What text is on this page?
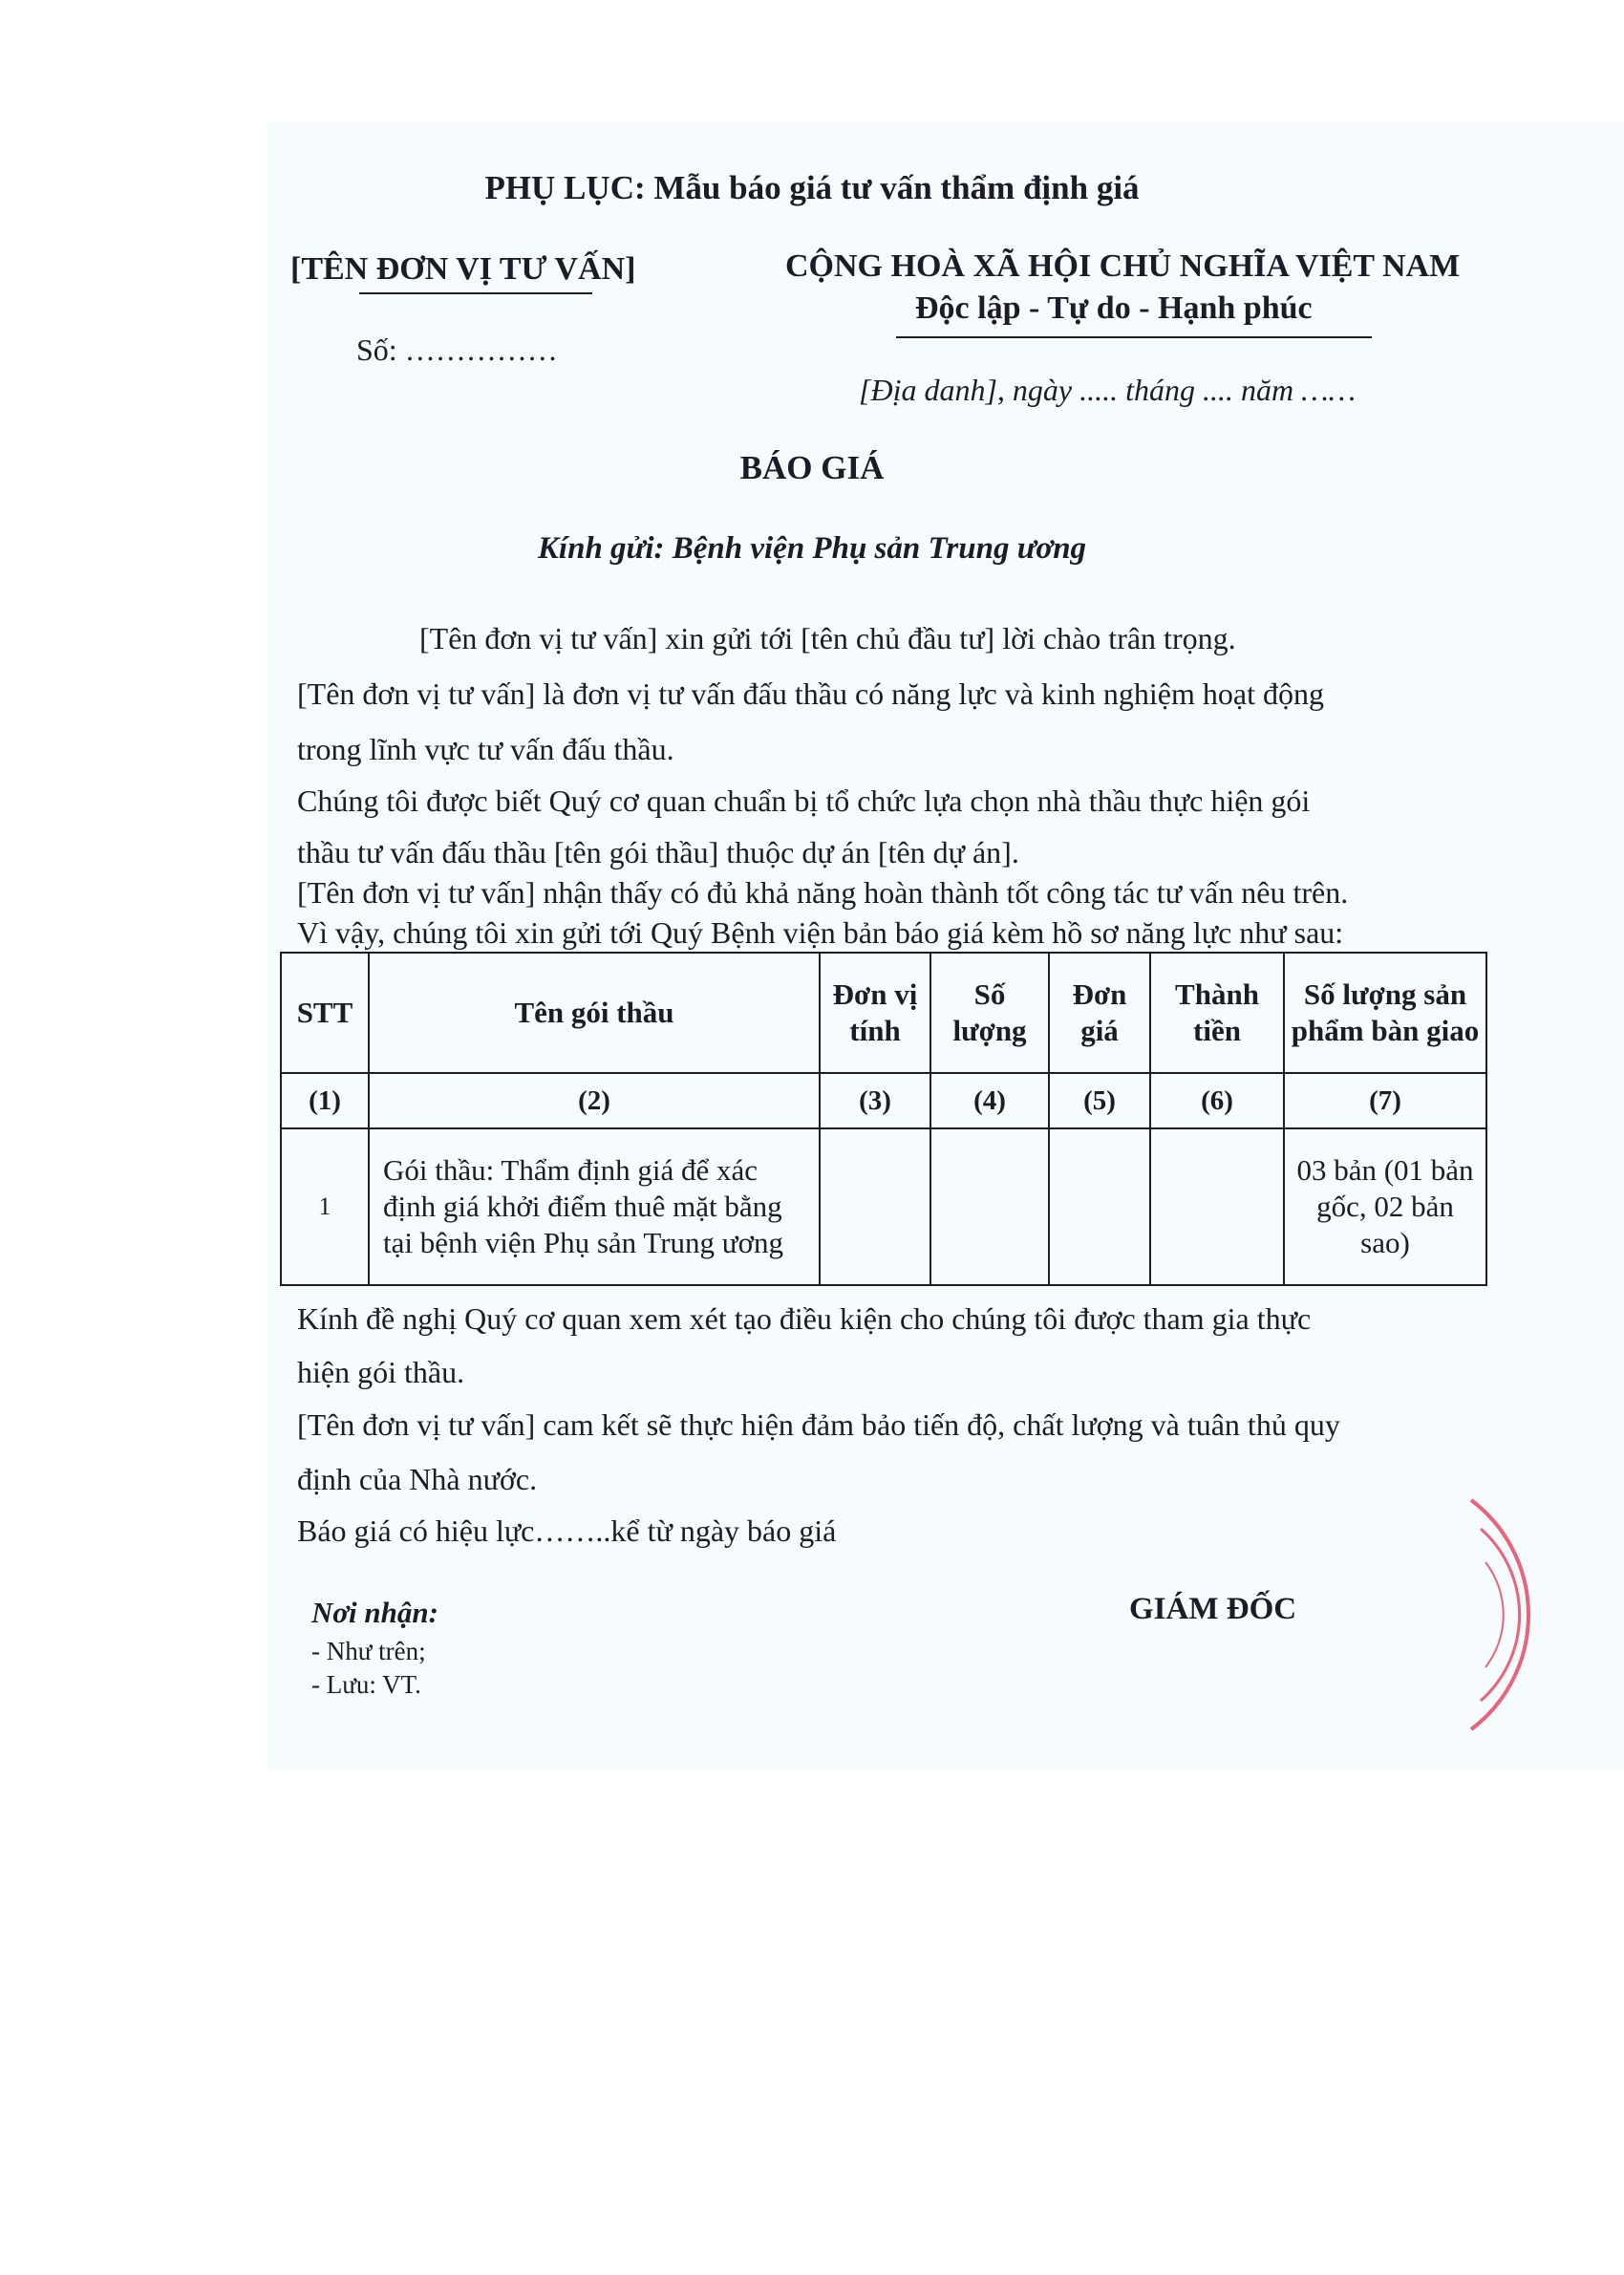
PHỤ LỤC: Mẫu báo giá tư vấn thẩm định giá
[TÊN ĐƠN VỊ TƯ VẤN]
Số: ……………
CỘNG HOÀ XÃ HỘI CHỦ NGHĨA VIỆT NAM
Độc lập - Tự do - Hạnh phúc
[Địa danh], ngày ..... tháng .... năm ……
BÁO GIÁ
Kính gửi: Bệnh viện Phụ sản Trung ương
[Tên đơn vị tư vấn] xin gửi tới [tên chủ đầu tư] lời chào trân trọng.
[Tên đơn vị tư vấn] là đơn vị tư vấn đấu thầu có năng lực và kinh nghiệm hoạt động
trong lĩnh vực tư vấn đấu thầu.
Chúng tôi được biết Quý cơ quan chuẩn bị tổ chức lựa chọn nhà thầu thực hiện gói
thầu tư vấn đấu thầu [tên gói thầu] thuộc dự án [tên dự án].
[Tên đơn vị tư vấn] nhận thấy có đủ khả năng hoàn thành tốt công tác tư vấn nêu trên.
Vì vậy, chúng tôi xin gửi tới Quý Bệnh viện bản báo giá kèm hồ sơ năng lực như sau:
STT	Tên gói thầu	Đơn vị tính	Số lượng	Đơn giá	Thành tiền	Số lượng sản phẩm bàn giao
(1)	(2)	(3)	(4)	(5)	(6)	(7)
1	Gói thầu: Thẩm định giá để xác định giá khởi điểm thuê mặt bằng tại bệnh viện Phụ sản Trung ương					03 bản (01 bản gốc, 02 bản sao)
Kính đề nghị Quý cơ quan xem xét tạo điều kiện cho chúng tôi được tham gia thực
hiện gói thầu.
[Tên đơn vị tư vấn] cam kết sẽ thực hiện đảm bảo tiến độ, chất lượng và tuân thủ quy
định của Nhà nước.
Báo giá có hiệu lực……..kể từ ngày báo giá
Nơi nhận:
- Như trên;
- Lưu: VT.
GIÁM ĐỐC
